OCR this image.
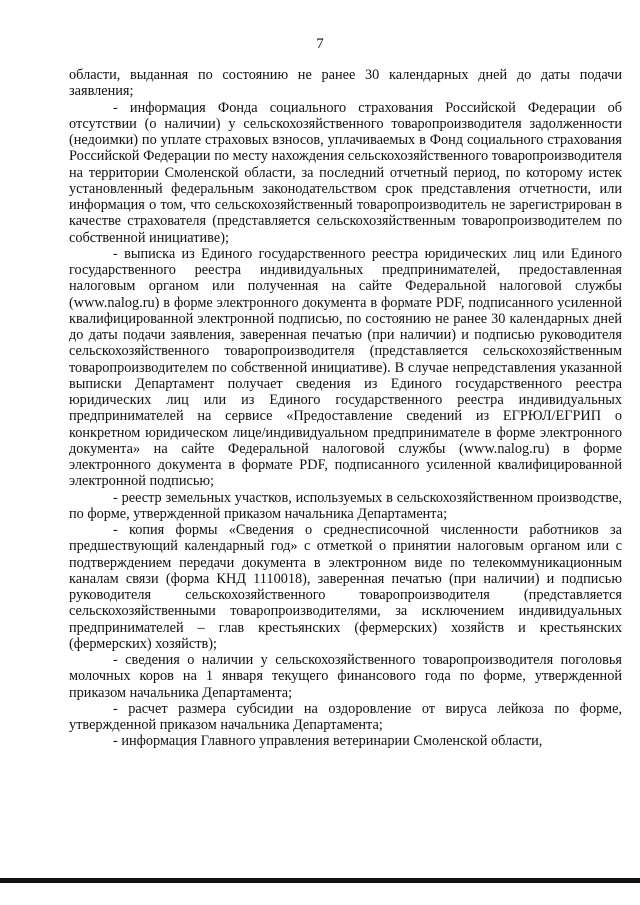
7

области, выданная по состоянию не ранее 30 календарных дней до даты подачи заявления;

- информация Фонда социального страхования Российской Федерации об отсутствии (о наличии) у сельскохозяйственного товаропроизводителя задолженности (недоимки) по уплате страховых взносов, уплачиваемых в Фонд социального страхования Российской Федерации по месту нахождения сельскохозяйственного товаропроизводителя на территории Смоленской области, за последний отчетный период, по которому истек установленный федеральным законодательством срок представления отчетности, или информация о том, что сельскохозяйственный товаропроизводитель не зарегистрирован в качестве страхователя (представляется сельскохозяйственным товаропроизводителем по собственной инициативе);

- выписка из Единого государственного реестра юридических лиц или Единого государственного реестра индивидуальных предпринимателей, предоставленная налоговым органом или полученная на сайте Федеральной налоговой службы (www.nalog.ru) в форме электронного документа в формате PDF, подписанного усиленной квалифицированной электронной подписью, по состоянию не ранее 30 календарных дней до даты подачи заявления, заверенная печатью (при наличии) и подписью руководителя сельскохозяйственного товаропроизводителя (представляется сельскохозяйственным товаропроизводителем по собственной инициативе). В случае непредставления указанной выписки Департамент получает сведения из Единого государственного реестра юридических лиц или из Единого государственного реестра индивидуальных предпринимателей на сервисе «Предоставление сведений из ЕГРЮЛ/ЕГРИП о конкретном юридическом лице/индивидуальном предпринимателе в форме электронного документа» на сайте Федеральной налоговой службы (www.nalog.ru) в форме электронного документа в формате PDF, подписанного усиленной квалифицированной электронной подписью;

- реестр земельных участков, используемых в сельскохозяйственном производстве, по форме, утвержденной приказом начальника Департамента;

- копия формы «Сведения о среднесписочной численности работников за предшествующий календарный год» с отметкой о принятии налоговым органом или с подтверждением передачи документа в электронном виде по телекоммуникационным каналам связи (форма КНД 1110018), заверенная печатью (при наличии) и подписью руководителя сельскохозяйственного товаропроизводителя (представляется сельскохозяйственными товаропроизводителями, за исключением индивидуальных предпринимателей – глав крестьянских (фермерских) хозяйств и крестьянских (фермерских) хозяйств);

- сведения о наличии у сельскохозяйственного товаропроизводителя поголовья молочных коров на 1 января текущего финансового года по форме, утвержденной приказом начальника Департамента;

- расчет размера субсидии на оздоровление от вируса лейкоза по форме, утвержденной приказом начальника Департамента;

- информация Главного управления ветеринарии Смоленской области,
